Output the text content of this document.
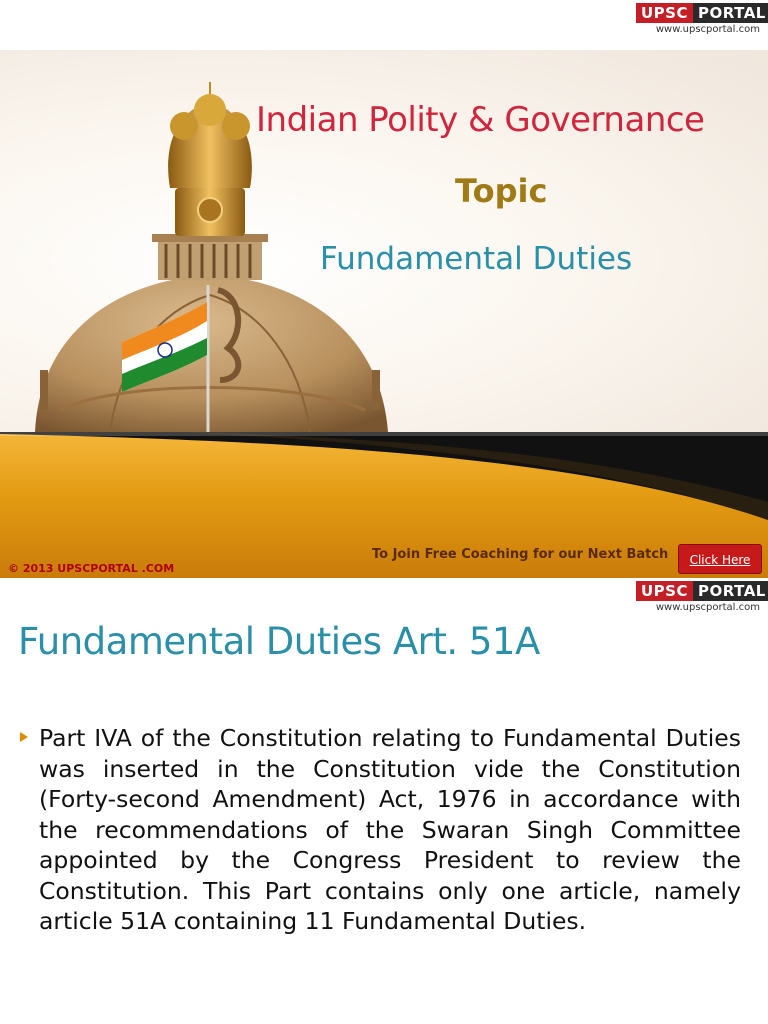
UPSC PORTAL
www.upscportal.com
Indian Polity & Governance
Topic
Fundamental Duties
© 2013 UPSCPORTAL .COM
To Join Free Coaching for our Next Batch	Click Here
UPSC PORTAL
www.upscportal.com
Fundamental Duties Art. 51A
Part IVA of the Constitution relating to Fundamental Duties was inserted in the Constitution vide the Constitution (Forty-second Amendment) Act, 1976 in accordance with the recommendations of the Swaran Singh Committee appointed by the Congress President to review the Constitution. This Part contains only one article, namely article 51A containing 11 Fundamental Duties.
